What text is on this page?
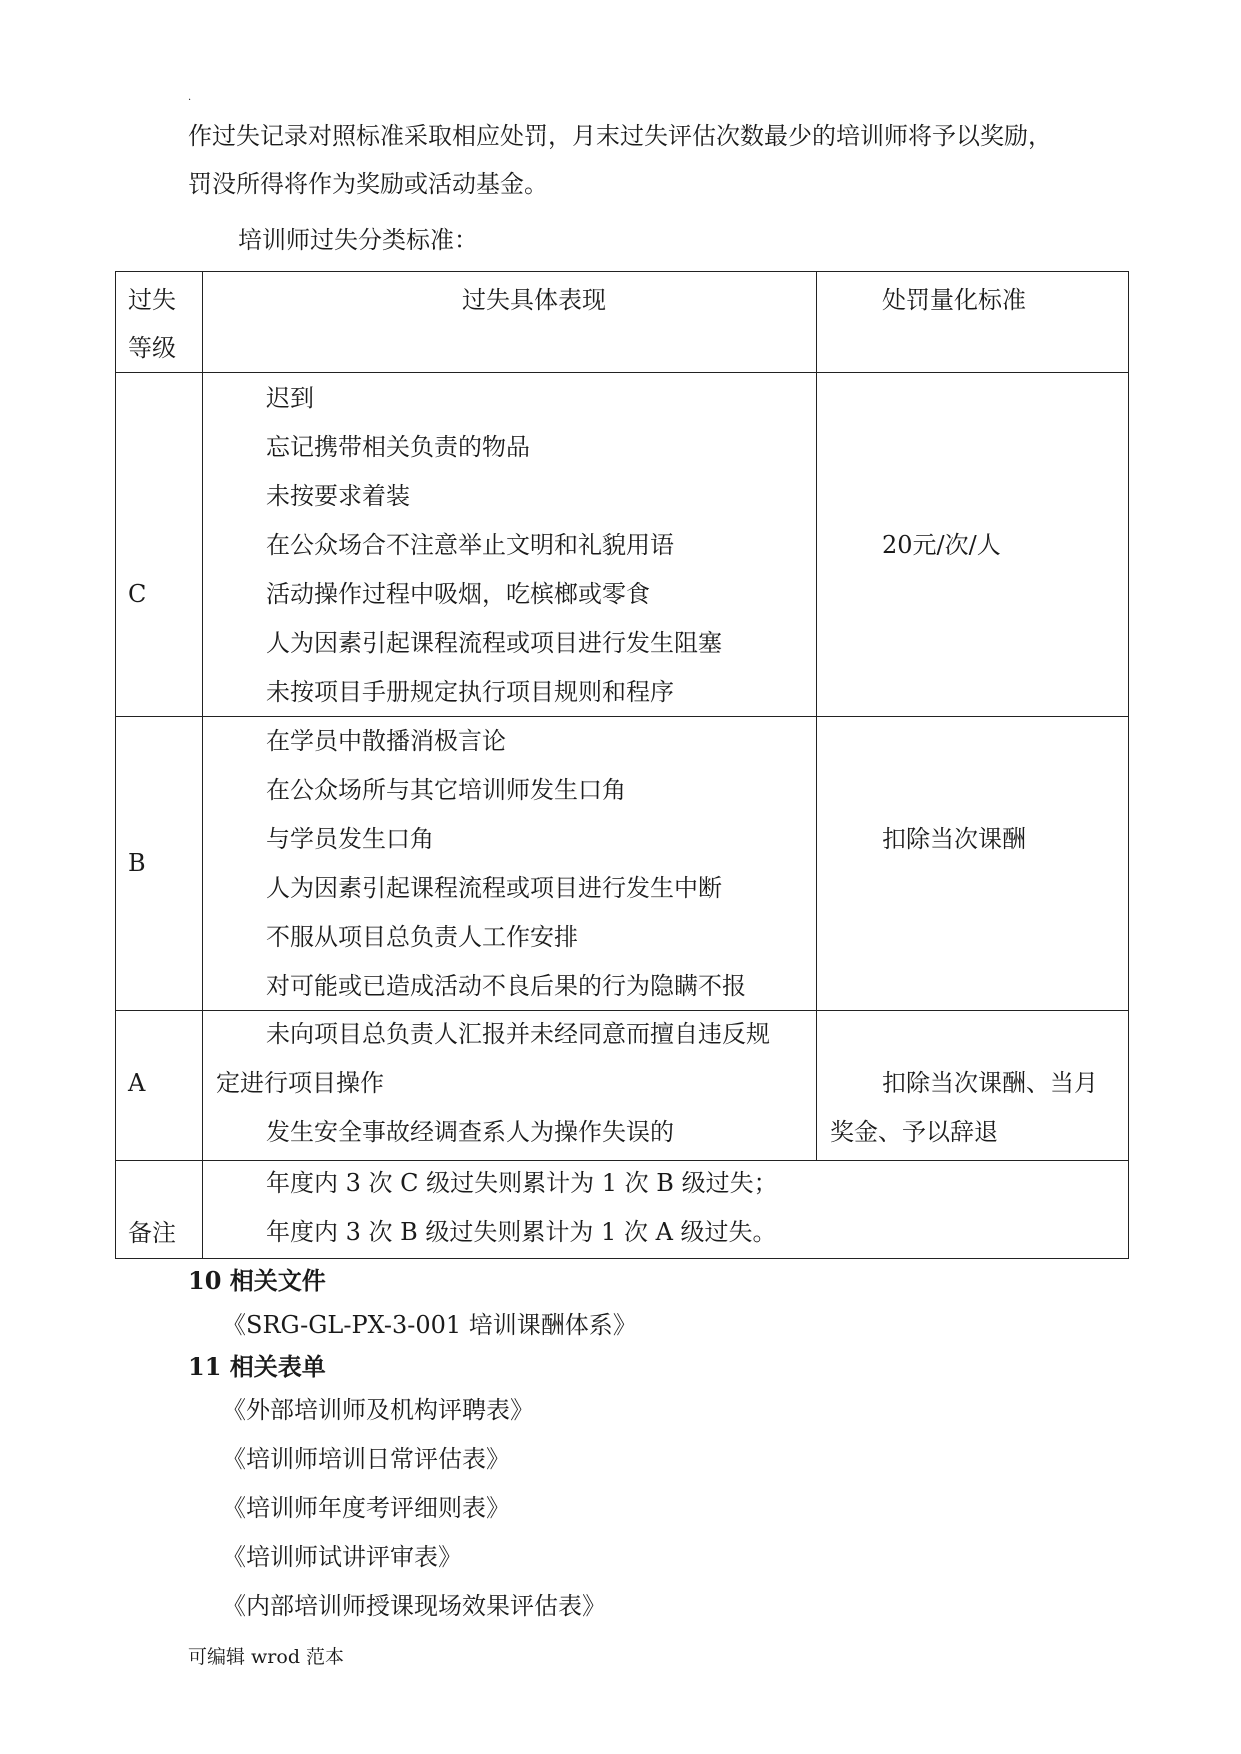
.
作过失记录对照标准采取相应处罚，月末过失评估次数最少的培训师将予以奖励，
罚没所得将作为奖励或活动基金。
培训师过失分类标准：
过失
等级
过失具体表现	处罚量化标准
C
迟到
忘记携带相关负责的物品
未按要求着装
在公众场合不注意举止文明和礼貌用语
活动操作过程中吸烟，吃槟榔或零食
人为因素引起课程流程或项目进行发生阻塞
未按项目手册规定执行项目规则和程序
20元/次/人
B
在学员中散播消极言论
在公众场所与其它培训师发生口角
与学员发生口角
人为因素引起课程流程或项目进行发生中断
不服从项目总负责人工作安排
对可能或已造成活动不良后果的行为隐瞒不报
扣除当次课酬
A
未向项目总负责人汇报并未经同意而擅自违反规
定进行项目操作
发生安全事故经调查系人为操作失误的
扣除当次课酬、当月
奖金、予以辞退
备注
年度内 3 次 C 级过失则累计为 1 次 B 级过失；
年度内 3 次 B 级过失则累计为 1 次 A 级过失。
10 相关文件
《SRG-GL-PX-3-001 培训课酬体系》
11 相关表单
《外部培训师及机构评聘表》
《培训师培训日常评估表》
《培训师年度考评细则表》
《培训师试讲评审表》
《内部培训师授课现场效果评估表》
可编辑 wrod 范本
